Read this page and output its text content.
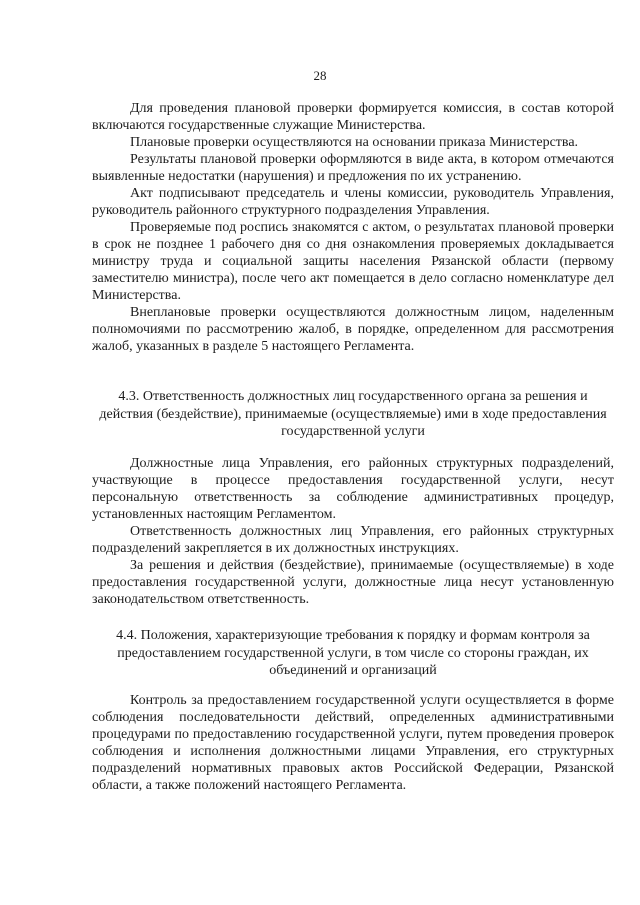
28

Для проведения плановой проверки формируется комиссия, в состав которой включаются государственные служащие Министерства.

Плановые проверки осуществляются на основании приказа Министерства.

Результаты плановой проверки оформляются в виде акта, в котором отмечаются выявленные недостатки (нарушения) и предложения по их устранению.

Акт подписывают председатель и члены комиссии, руководитель Управления, руководитель районного структурного подразделения Управления.

Проверяемые под роспись знакомятся с актом, о результатах плановой проверки в срок не позднее 1 рабочего дня со дня ознакомления проверяемых докладывается министру труда и социальной защиты населения Рязанской области (первому заместителю министра), после чего акт помещается в дело согласно номенклатуре дел Министерства.

Внеплановые проверки осуществляются должностным лицом, наделенным полномочиями по рассмотрению жалоб, в порядке, определенном для рассмотрения жалоб, указанных в разделе 5 настоящего Регламента.

4.3. Ответственность должностных лиц государственного органа за решения и действия (бездействие), принимаемые (осуществляемые) ими в ходе предоставления государственной услуги

Должностные лица Управления, его районных структурных подразделений, участвующие в процессе предоставления государственной услуги, несут персональную ответственность за соблюдение административных процедур, установленных настоящим Регламентом.

Ответственность должностных лиц Управления, его районных структурных подразделений закрепляется в их должностных инструкциях.

За решения и действия (бездействие), принимаемые (осуществляемые) в ходе предоставления государственной услуги, должностные лица несут установленную законодательством ответственность.

4.4. Положения, характеризующие требования к порядку и формам контроля за предоставлением государственной услуги, в том числе со стороны граждан, их объединений и организаций

Контроль за предоставлением государственной услуги осуществляется в форме соблюдения последовательности действий, определенных административными процедурами по предоставлению государственной услуги, путем проведения проверок соблюдения и исполнения должностными лицами Управления, его структурных подразделений нормативных правовых актов Российской Федерации, Рязанской области, а также положений настоящего Регламента.
